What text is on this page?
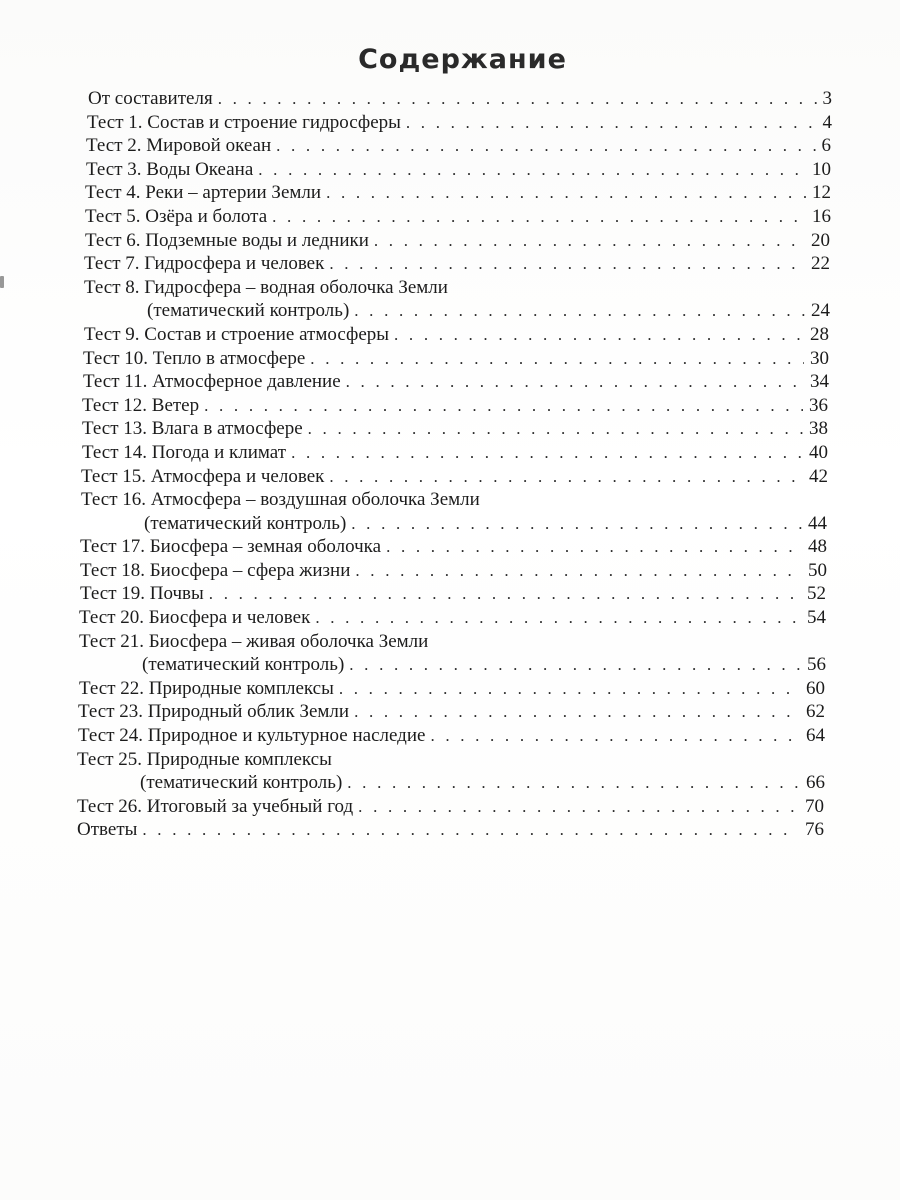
Содержание
От составителя . . .	3
Тест 1. Состав и строение гидросферы . . .	4
Тест 2. Мировой океан . . .	6
Тест 3. Воды Океана . . .	10
Тест 4. Реки – артерии Земли . . .	12
Тест 5. Озёра и болота . . .	16
Тест 6. Подземные воды и ледники . . .	20
Тест 7. Гидросфера и человек . . .	22
Тест 8. Гидросфера – водная оболочка Земли
(тематический контроль) . . .	24
Тест 9. Состав и строение атмосферы . . .	28
Тест 10. Тепло в атмосфере . . .	30
Тест 11. Атмосферное давление . . .	34
Тест 12. Ветер . . .	36
Тест 13. Влага в атмосфере . . .	38
Тест 14. Погода и климат . . .	40
Тест 15. Атмосфера и человек . . .	42
Тест 16. Атмосфера – воздушная оболочка Земли
(тематический контроль) . . .	44
Тест 17. Биосфера – земная оболочка . . .	48
Тест 18. Биосфера – сфера жизни . . .	50
Тест 19. Почвы . . .	52
Тест 20. Биосфера и человек . . .	54
Тест 21. Биосфера – живая оболочка Земли
(тематический контроль) . . .	56
Тест 22. Природные комплексы . . .	60
Тест 23. Природный облик Земли . . .	62
Тест 24. Природное и культурное наследие . . .	64
Тест 25. Природные комплексы
(тематический контроль) . . .	66
Тест 26. Итоговый за учебный год . . .	70
Ответы . . .	76
